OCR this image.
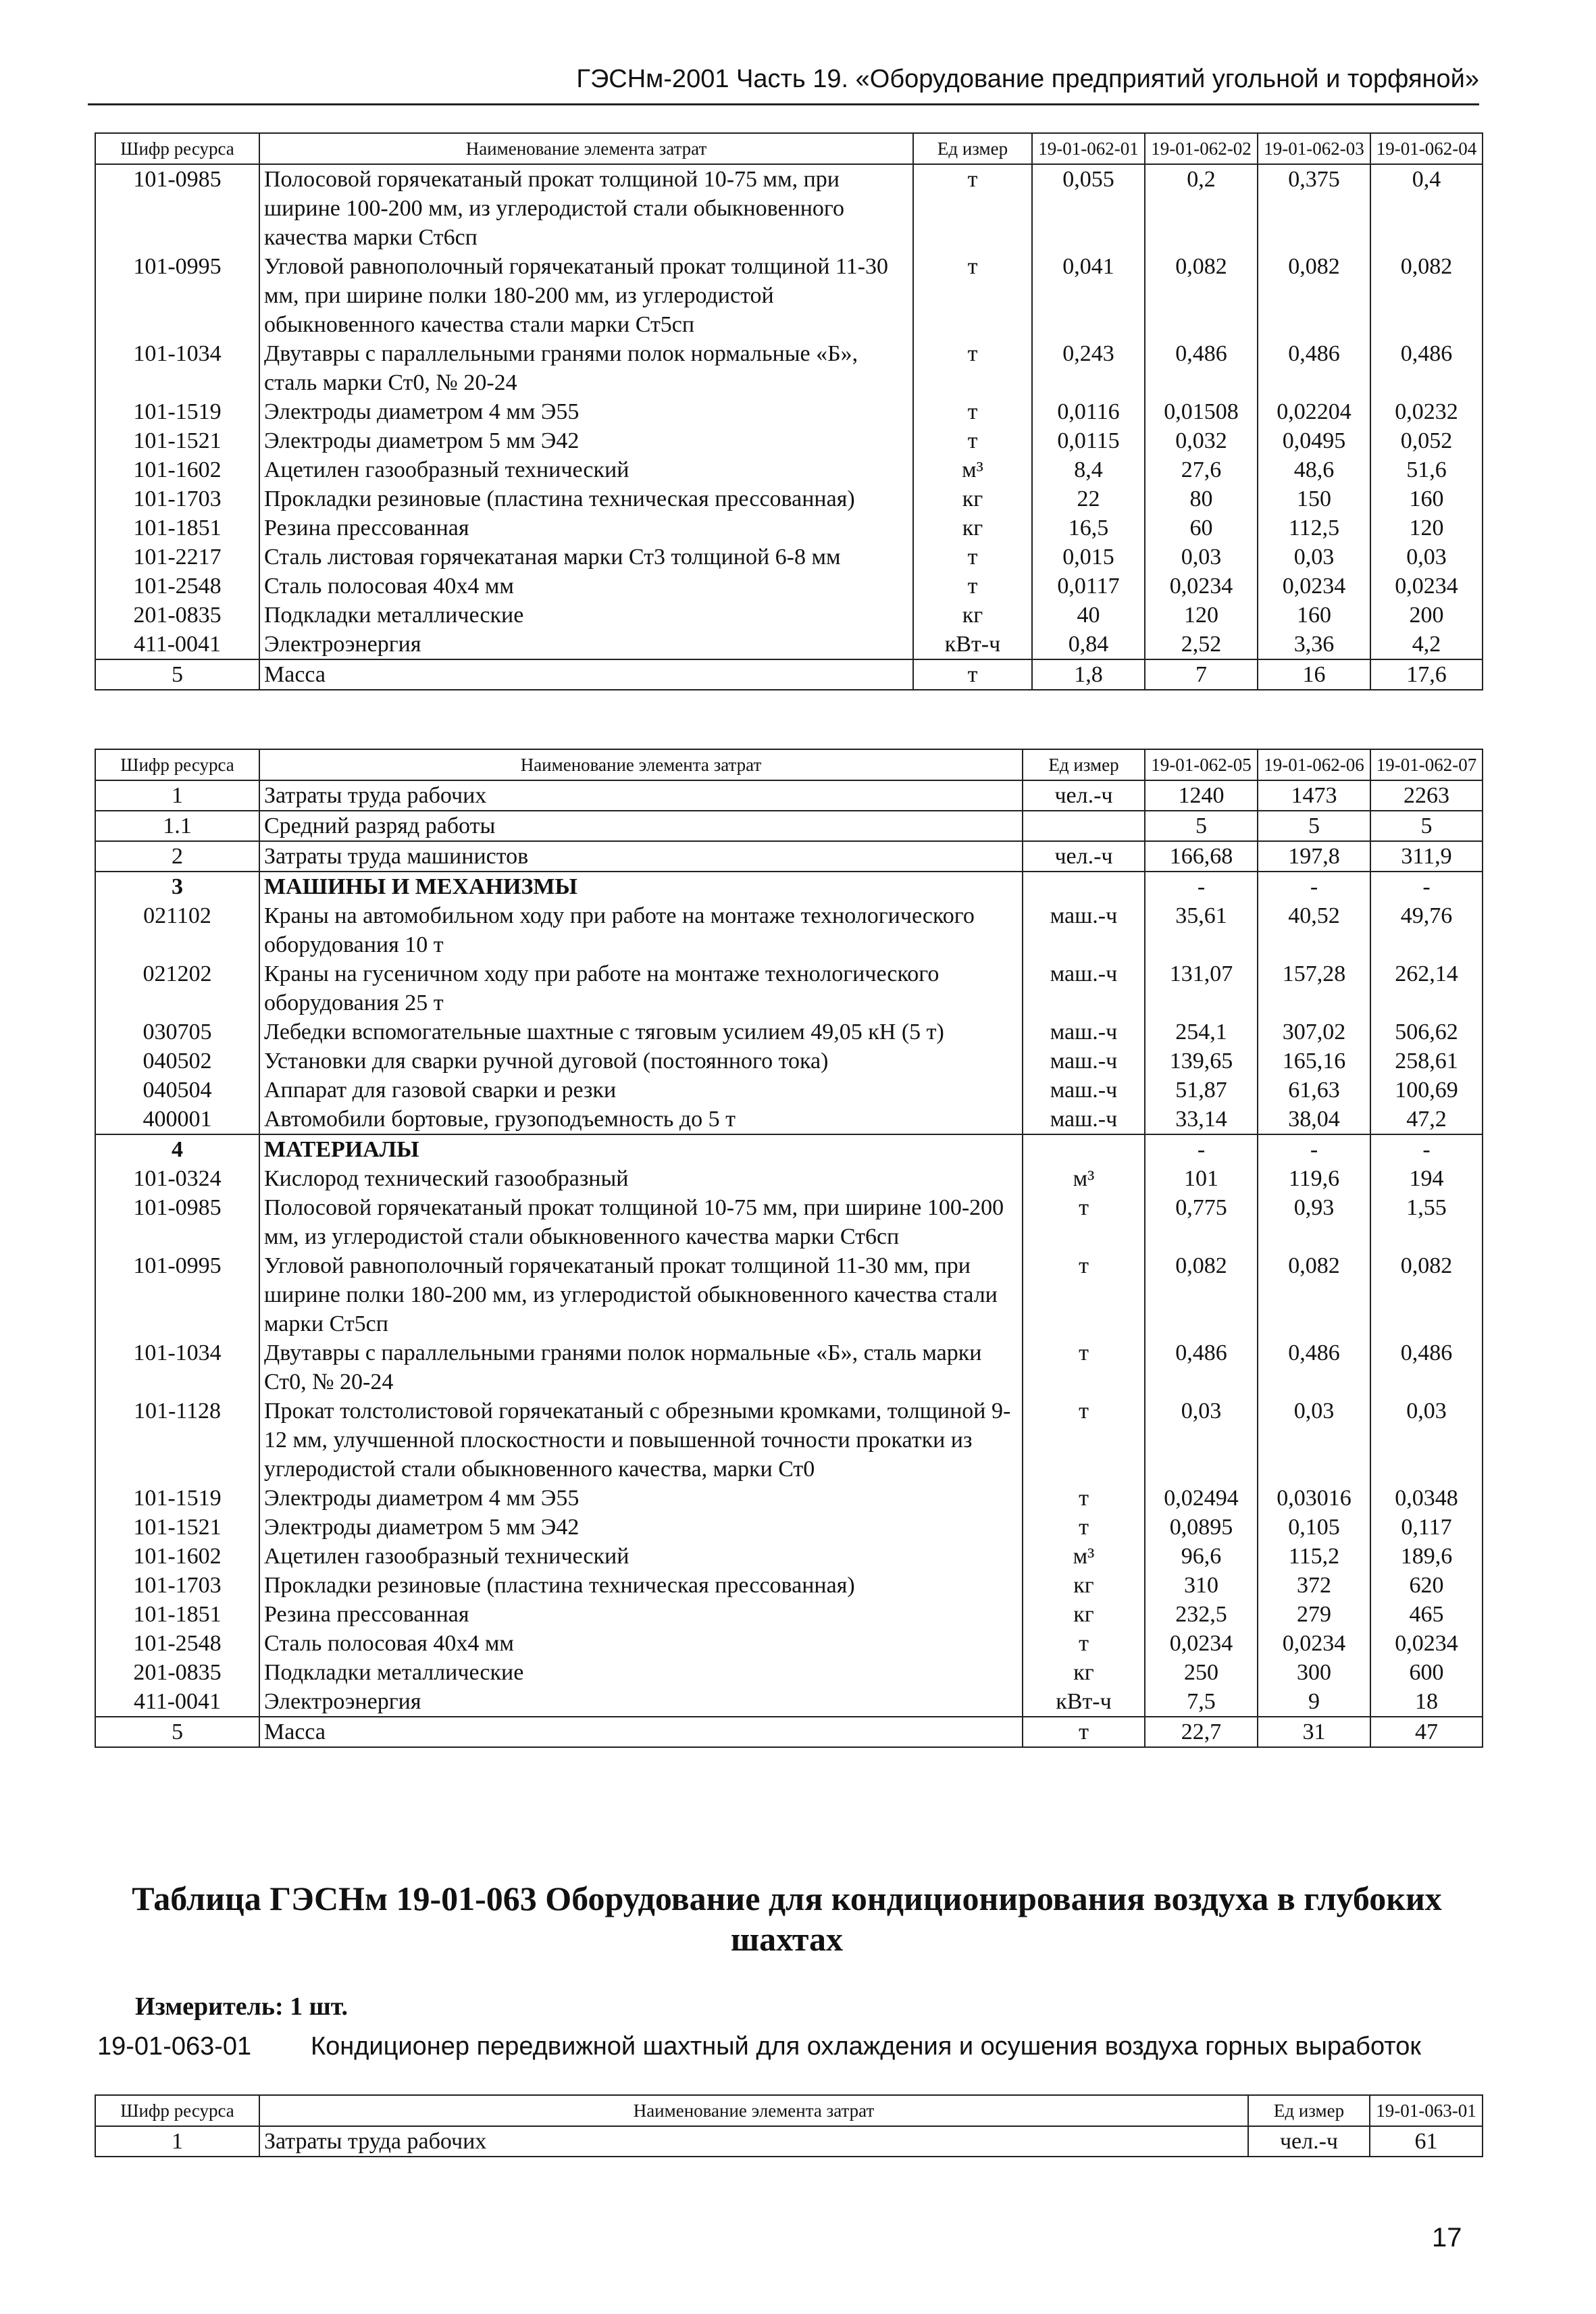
ГЭСНм-2001 Часть 19. «Оборудование предприятий угольной и торфяной»
Шифр ресурса	Наименование элемента затрат	Ед измер	19-01-062-01	19-01-062-02	19-01-062-03	19-01-062-04
101-0985	Полосовой горячекатаный прокат толщиной 10-75 мм, при ширине 100-200 мм, из углеродистой стали обыкновенного качества марки Ст6сп	т	0,055	0,2	0,375	0,4
101-0995	Угловой равнополочный горячекатаный прокат толщиной 11-30 мм, при ширине полки 180-200 мм, из углеродистой обыкновенного качества стали марки Ст5сп	т	0,041	0,082	0,082	0,082
101-1034	Двутавры с параллельными гранями полок нормальные «Б», сталь марки Ст0, № 20-24	т	0,243	0,486	0,486	0,486
101-1519	Электроды диаметром 4 мм Э55	т	0,0116	0,01508	0,02204	0,0232
101-1521	Электроды диаметром 5 мм Э42	т	0,0115	0,032	0,0495	0,052
101-1602	Ацетилен газообразный технический	м³	8,4	27,6	48,6	51,6
101-1703	Прокладки резиновые (пластина техническая прессованная)	кг	22	80	150	160
101-1851	Резина прессованная	кг	16,5	60	112,5	120
101-2217	Сталь листовая горячекатаная марки Ст3 толщиной 6-8 мм	т	0,015	0,03	0,03	0,03
101-2548	Сталь полосовая 40х4 мм	т	0,0117	0,0234	0,0234	0,0234
201-0835	Подкладки металлические	кг	40	120	160	200
411-0041	Электроэнергия	кВт-ч	0,84	2,52	3,36	4,2
5	Масса	т	1,8	7	16	17,6
Шифр ресурса	Наименование элемента затрат	Ед измер	19-01-062-05	19-01-062-06	19-01-062-07
1	Затраты труда рабочих	чел.-ч	1240	1473	2263
1.1	Средний разряд работы		5	5	5
2	Затраты труда машинистов	чел.-ч	166,68	197,8	311,9
3	МАШИНЫ И МЕХАНИЗМЫ		-	-	-
021102	Краны на автомобильном ходу при работе на монтаже технологического оборудования 10 т	маш.-ч	35,61	40,52	49,76
021202	Краны на гусеничном ходу при работе на монтаже технологического оборудования 25 т	маш.-ч	131,07	157,28	262,14
030705	Лебедки вспомогательные шахтные с тяговым усилием 49,05 кН (5 т)	маш.-ч	254,1	307,02	506,62
040502	Установки для сварки ручной дуговой (постоянного тока)	маш.-ч	139,65	165,16	258,61
040504	Аппарат для газовой сварки и резки	маш.-ч	51,87	61,63	100,69
400001	Автомобили бортовые, грузоподъемность до 5 т	маш.-ч	33,14	38,04	47,2
4	МАТЕРИАЛЫ		-	-	-
101-0324	Кислород технический газообразный	м³	101	119,6	194
101-0985	Полосовой горячекатаный прокат толщиной 10-75 мм, при ширине 100-200 мм, из углеродистой стали обыкновенного качества марки Ст6сп	т	0,775	0,93	1,55
101-0995	Угловой равнополочный горячекатаный прокат толщиной 11-30 мм, при ширине полки 180-200 мм, из углеродистой обыкновенного качества стали марки Ст5сп	т	0,082	0,082	0,082
101-1034	Двутавры с параллельными гранями полок нормальные «Б», сталь марки Ст0, № 20-24	т	0,486	0,486	0,486
101-1128	Прокат толстолистовой горячекатаный с обрезными кромками, толщиной 9-12 мм, улучшенной плоскостности и повышенной точности прокатки из углеродистой стали обыкновенного качества, марки Ст0	т	0,03	0,03	0,03
101-1519	Электроды диаметром 4 мм Э55	т	0,02494	0,03016	0,0348
101-1521	Электроды диаметром 5 мм Э42	т	0,0895	0,105	0,117
101-1602	Ацетилен газообразный технический	м³	96,6	115,2	189,6
101-1703	Прокладки резиновые (пластина техническая прессованная)	кг	310	372	620
101-1851	Резина прессованная	кг	232,5	279	465
101-2548	Сталь полосовая 40х4 мм	т	0,0234	0,0234	0,0234
201-0835	Подкладки металлические	кг	250	300	600
411-0041	Электроэнергия	кВт-ч	7,5	9	18
5	Масса	т	22,7	31	47
Таблица ГЭСНм 19-01-063 Оборудование для кондиционирования воздуха в глубоких шахтах
Измеритель: 1 шт.
19-01-063-01 Кондиционер передвижной шахтный для охлаждения и осушения воздуха горных выработок
Шифр ресурса	Наименование элемента затрат	Ед измер	19-01-063-01
1	Затраты труда рабочих	чел.-ч	61
17
